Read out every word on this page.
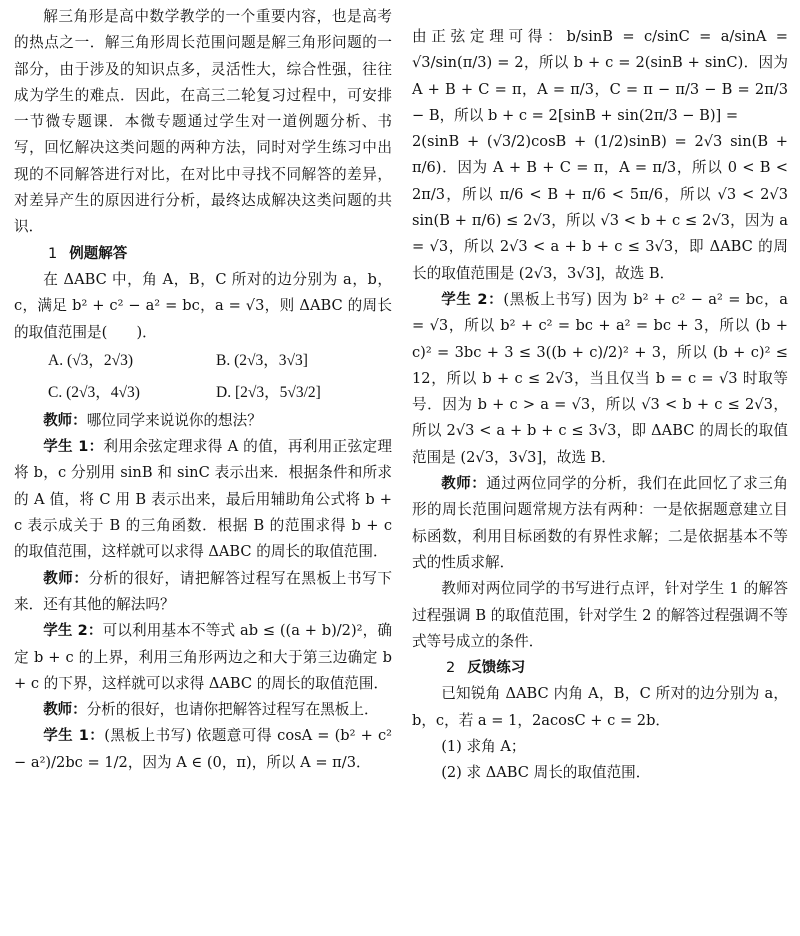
解三角形是高中数学教学的一个重要内容，也是高考的热点之一．解三角形周长范围问题是解三角形问题的一部分，由于涉及的知识点多，灵活性大，综合性强，往往成为学生的难点．因此，在高三二轮复习过程中，可安排一节微专题课．本微专题通过学生对一道例题分析、书写，回忆解决这类问题的两种方法，同时对学生练习中出现的不同解答进行对比，在对比中寻找不同解答的差异，对差异产生的原因进行分析，最终达成解决这类问题的共识．

1 例题解答

在 ΔABC 中，角 A，B，C 所对的边分别为 a，b，c，满足 b² + c² − a² = bc，a = √3，则 ΔABC 的周长的取值范围是(　　)．

A. (√3，2√3)	B. (2√3，3√3]
C. (2√3，4√3)	D. [2√3，5√3/2]

教师：哪位同学来说说你的想法？

学生 1：利用余弦定理求得 A 的值，再利用正弦定理将 b，c 分别用 sinB 和 sinC 表示出来．根据条件和所求的 A 值，将 C 用 B 表示出来，最后用辅助角公式将 b + c 表示成关于 B 的三角函数．根据 B 的范围求得 b + c 的取值范围，这样就可以求得 ΔABC 的周长的取值范围．

教师：分析的很好，请把解答过程写在黑板上书写下来．还有其他的解法吗？

学生 2：可以利用基本不等式 ab ≤ ((a + b)/2)²，确定 b + c 的上界，利用三角形两边之和大于第三边确定 b + c 的下界，这样就可以求得 ΔABC 的周长的取值范围．

教师：分析的很好，也请你把解答过程写在黑板上．

学生 1：(黑板上书写) 依题意可得 cosA = (b² + c² − a²)/2bc = 1/2，因为 A ∈ (0，π)，所以 A = π/3．

由正弦定理可得：b/sinB = c/sinC = a/sinA = √3/sin(π/3) = 2，所以 b + c = 2(sinB + sinC)．因为 A + B + C = π，A = π/3，C = π − π/3 − B = 2π/3 − B，所以 b + c = 2[sinB + sin(2π/3 − B)] =

2(sinB + (√3/2)cosB + (1/2)sinB) = 2√3 sin(B + π/6)．因为 A + B + C = π，A = π/3，所以 0 < B < 2π/3，所以 π/6 < B + π/6 < 5π/6，所以 √3 < 2√3 sin(B + π/6) ≤ 2√3，所以 √3 < b + c ≤ 2√3，因为 a = √3，所以 2√3 < a + b + c ≤ 3√3，即 ΔABC 的周长的取值范围是 (2√3，3√3]，故选 B．

学生 2：(黑板上书写) 因为 b² + c² − a² = bc，a = √3，所以 b² + c² = bc + a² = bc + 3，所以 (b + c)² = 3bc + 3 ≤ 3((b + c)/2)² + 3，所以 (b + c)² ≤ 12，所以 b + c ≤ 2√3，当且仅当 b = c = √3 时取等号．因为 b + c > a = √3，所以 √3 < b + c ≤ 2√3，所以 2√3 < a + b + c ≤ 3√3，即 ΔABC 的周长的取值范围是 (2√3，3√3]，故选 B．

教师：通过两位同学的分析，我们在此回忆了求三角形的周长范围问题常规方法有两种：一是依据题意建立目标函数，利用目标函数的有界性求解；二是依据基本不等式的性质求解．

教师对两位同学的书写进行点评，针对学生 1 的解答过程强调 B 的取值范围，针对学生 2 的解答过程强调不等式等号成立的条件．

2 反馈练习

已知锐角 ΔABC 内角 A，B，C 所对的边分别为 a，b，c，若 a = 1，2acosC + c = 2b．

(1) 求角 A；

(2) 求 ΔABC 周长的取值范围．
